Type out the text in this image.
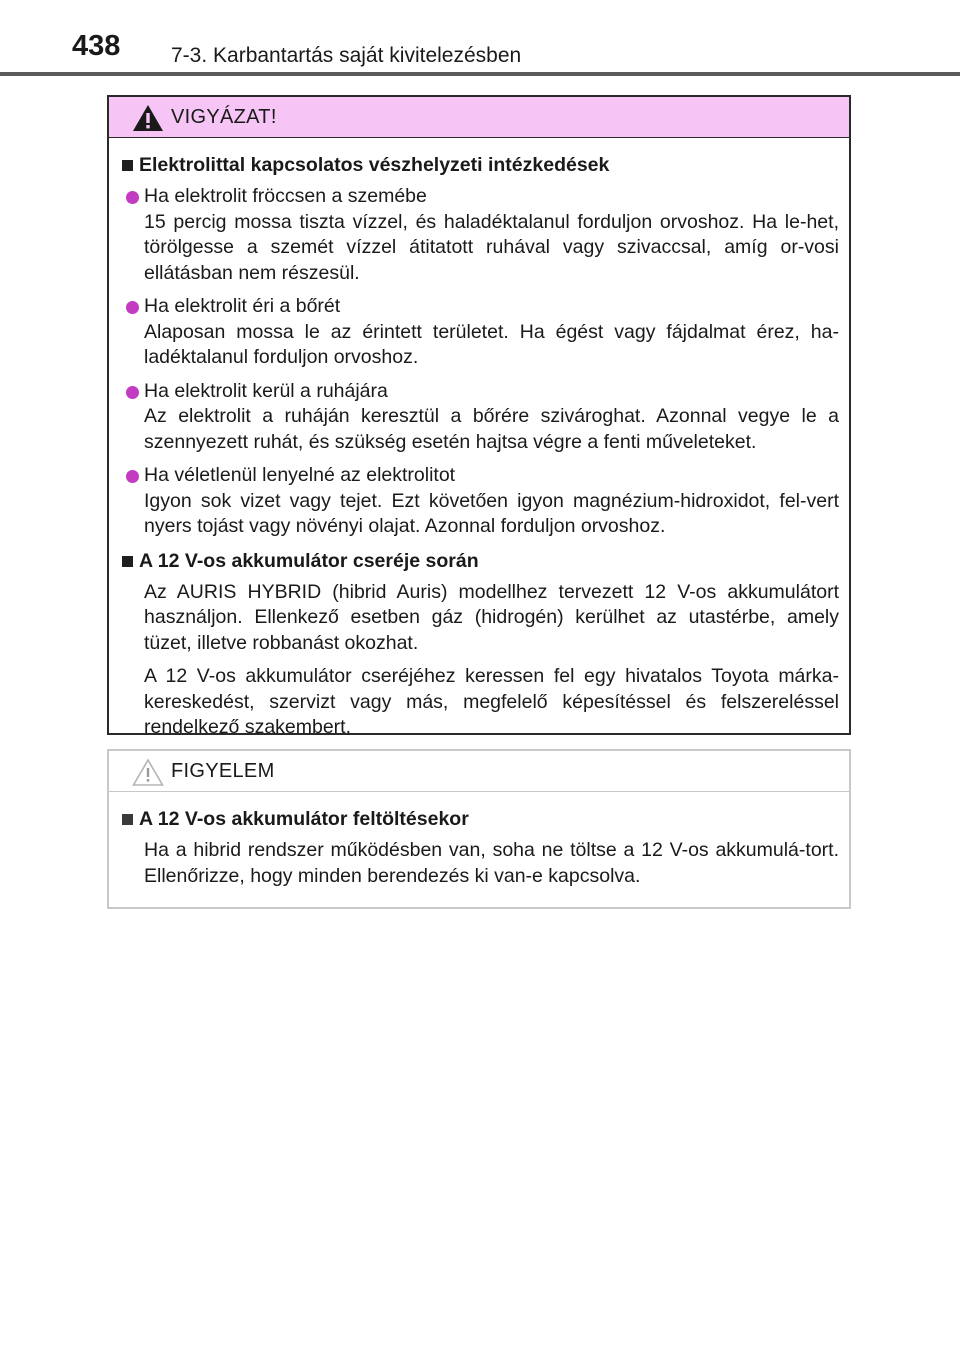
438 7-3. Karbantartás saját kivitelezésben
VIGYÁZAT!
Elektrolittal kapcsolatos vészhelyzeti intézkedések
Ha elektrolit fröccsen a szemébe
15 percig mossa tiszta vízzel, és haladéktalanul forduljon orvoshoz. Ha le-het, törölgesse a szemét vízzel átitatott ruhával vagy szivaccsal, amíg or-vosi ellátásban nem részesül.
Ha elektrolit éri a bőrét
Alaposan mossa le az érintett területet. Ha égést vagy fájdalmat érez, ha-ladéktalanul forduljon orvoshoz.
Ha elektrolit kerül a ruhájára
Az elektrolit a ruháján keresztül a bőrére szivároghat. Azonnal vegye le a szennyezett ruhát, és szükség esetén hajtsa végre a fenti műveleteket.
Ha véletlenül lenyelné az elektrolitot
Igyon sok vizet vagy tejet. Ezt követően igyon magnézium-hidroxidot, fel-vert nyers tojást vagy növényi olajat. Azonnal forduljon orvoshoz.
A 12 V-os akkumulátor cseréje során
Az AURIS HYBRID (hibrid Auris) modellhez tervezett 12 V-os akkumulátort használjon. Ellenkező esetben gáz (hidrogén) kerülhet az utastérbe, amely tüzet, illetve robbanást okozhat.
A 12 V-os akkumulátor cseréjéhez keressen fel egy hivatalos Toyota márka-kereskedést, szervizt vagy más, megfelelő képesítéssel és felszereléssel rendelkező szakembert.
FIGYELEM
A 12 V-os akkumulátor feltöltésekor
Ha a hibrid rendszer működésben van, soha ne töltse a 12 V-os akkumulá-tort. Ellenőrizze, hogy minden berendezés ki van-e kapcsolva.
